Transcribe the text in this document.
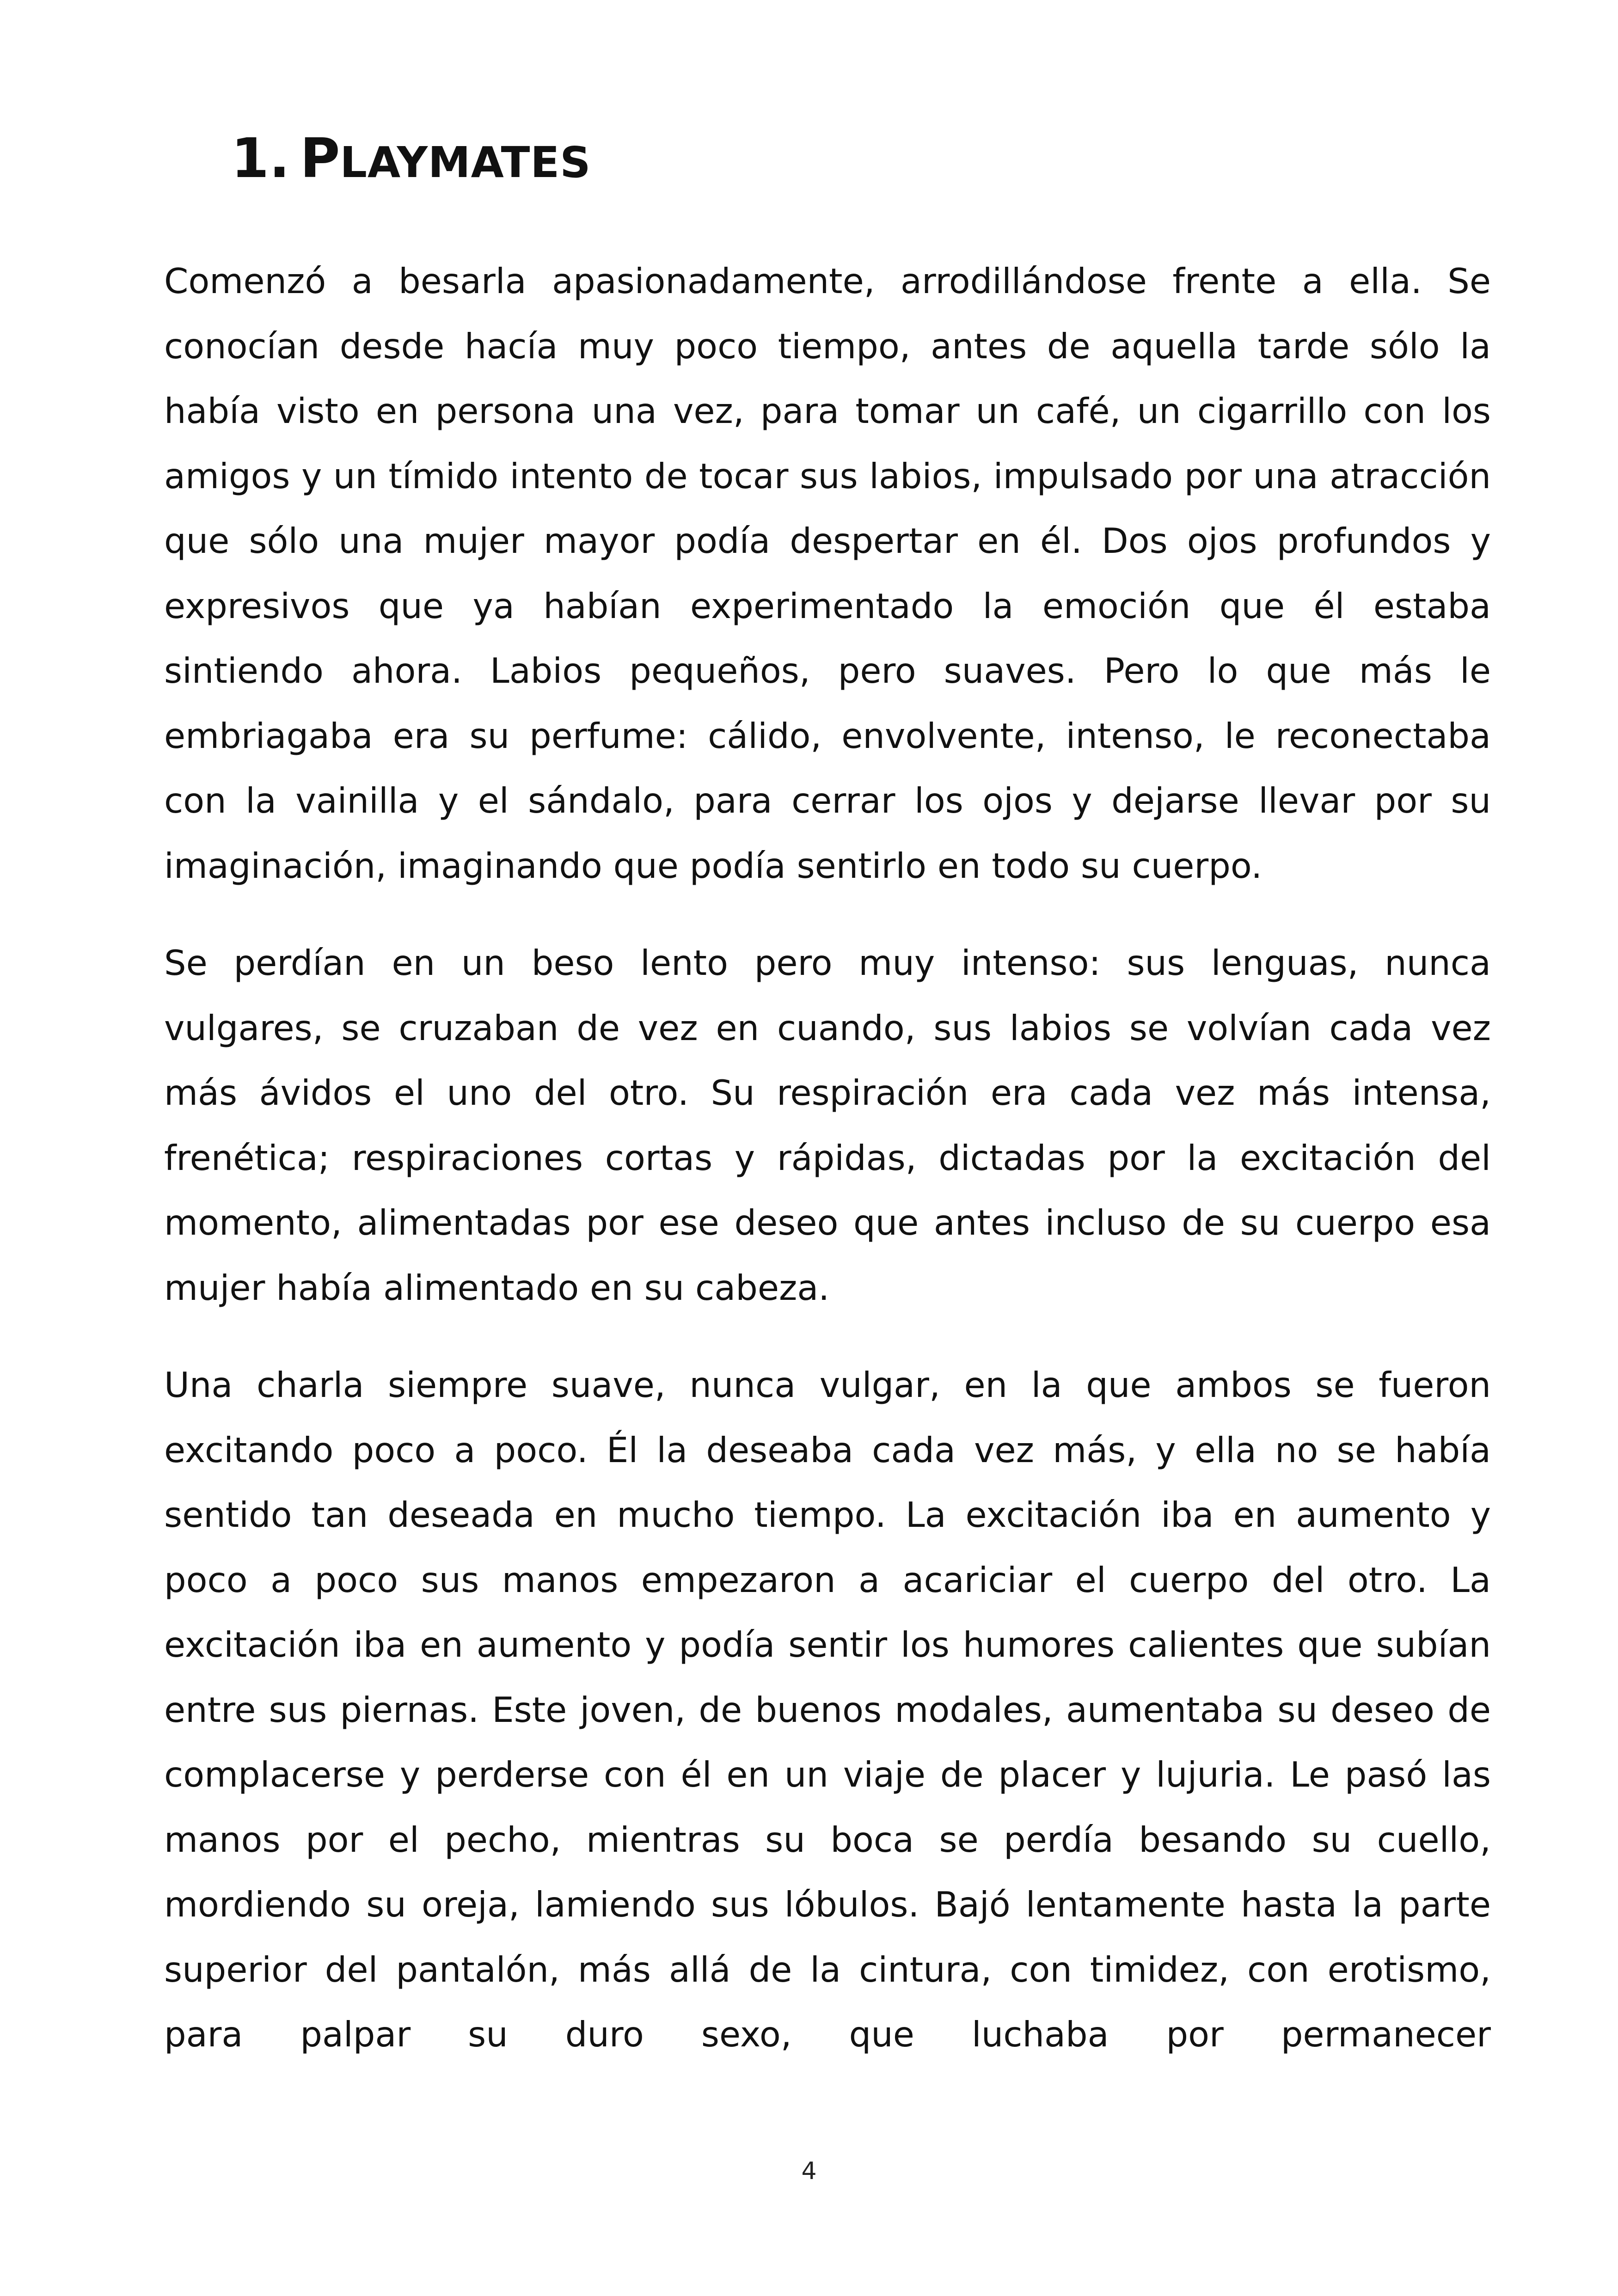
1. PLAYMATES

Comenzó a besarla apasionadamente, arrodillándose frente a ella. Se conocían desde hacía muy poco tiempo, antes de aquella tarde sólo la había visto en persona una vez, para tomar un café, un cigarrillo con los amigos y un tímido intento de tocar sus labios, impulsado por una atracción que sólo una mujer mayor podía despertar en él. Dos ojos profundos y expresivos que ya habían experimentado la emoción que él estaba sintiendo ahora. Labios pequeños, pero suaves. Pero lo que más le embriagaba era su perfume: cálido, envolvente, intenso, le reconectaba con la vainilla y el sándalo, para cerrar los ojos y dejarse llevar por su imaginación, imaginando que podía sentirlo en todo su cuerpo.

Se perdían en un beso lento pero muy intenso: sus lenguas, nunca vulgares, se cruzaban de vez en cuando, sus labios se volvían cada vez más ávidos el uno del otro. Su respiración era cada vez más intensa, frenética; respiraciones cortas y rápidas, dictadas por la excitación del momento, alimentadas por ese deseo que antes incluso de su cuerpo esa mujer había alimentado en su cabeza.

Una charla siempre suave, nunca vulgar, en la que ambos se fueron excitando poco a poco. Él la deseaba cada vez más, y ella no se había sentido tan deseada en mucho tiempo. La excitación iba en aumento y poco a poco sus manos empezaron a acariciar el cuerpo del otro. La excitación iba en aumento y podía sentir los humores calientes que subían entre sus piernas. Este joven, de buenos modales, aumentaba su deseo de complacerse y perderse con él en un viaje de placer y lujuria. Le pasó las manos por el pecho, mientras su boca se perdía besando su cuello, mordiendo su oreja, lamiendo sus lóbulos. Bajó lentamente hasta la parte superior del pantalón, más allá de la cintura, con timidez, con erotismo, para palpar su duro sexo, que luchaba por permanecer

4
